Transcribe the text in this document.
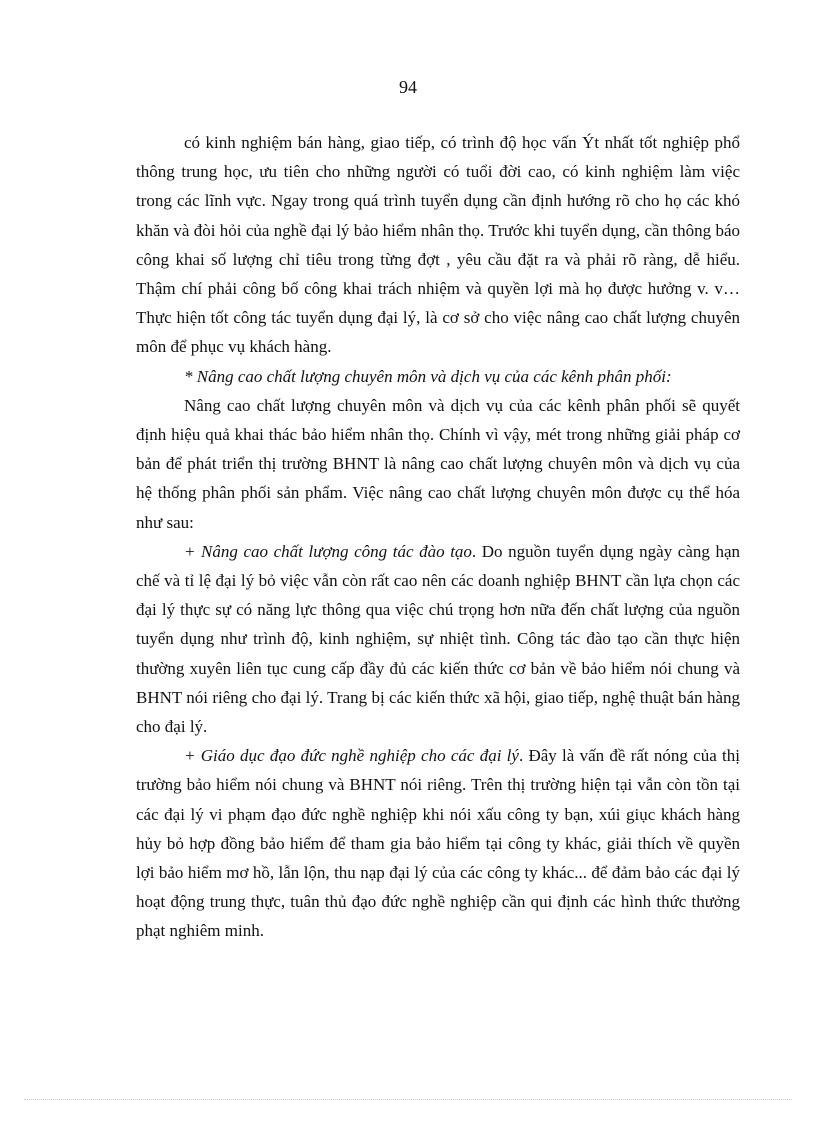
94

có kinh nghiệm bán hàng, giao tiếp, có trình độ học vấn Ýt nhất tốt nghiệp phổ thông trung học, ưu tiên cho những người có tuổi đời cao, có kinh nghiệm làm việc trong các lĩnh vực. Ngay trong quá trình tuyển dụng cần định hướng rõ cho họ các khó khăn và đòi hỏi của nghề đại lý bảo hiểm nhân thọ. Trước khi tuyển dụng, cần thông báo công khai số lượng chỉ tiêu trong từng đợt , yêu cầu đặt ra và phải rõ ràng, dễ hiểu. Thậm chí phải công bố công khai trách nhiệm và quyền lợi mà họ được hưởng v. v…Thực hiện tốt công tác tuyển dụng đại lý, là cơ sở cho việc nâng cao chất lượng chuyên môn để phục vụ khách hàng.

* Nâng cao chất lượng chuyên môn và dịch vụ của các kênh phân phối:

Nâng cao chất lượng chuyên môn và dịch vụ của các kênh phân phối sẽ quyết định hiệu quả khai thác bảo hiểm nhân thọ. Chính vì vậy, mét trong những giải pháp cơ bản để phát triển thị trường BHNT là nâng cao chất lượng chuyên môn và dịch vụ của hệ thống phân phối sản phẩm. Việc nâng cao chất lượng chuyên môn được cụ thể hóa như sau:

+ Nâng cao chất lượng công tác đào tạo. Do nguồn tuyển dụng ngày càng hạn chế và tỉ lệ đại lý bỏ việc vẫn còn rất cao nên các doanh nghiệp BHNT cần lựa chọn các đại lý thực sự có năng lực thông qua việc chú trọng hơn nữa đến chất lượng của nguồn tuyển dụng như trình độ, kinh nghiệm, sự nhiệt tình. Công tác đào tạo cần thực hiện thường xuyên liên tục cung cấp đầy đủ các kiến thức cơ bản về bảo hiểm nói chung và BHNT nói riêng cho đại lý. Trang bị các kiến thức xã hội, giao tiếp, nghệ thuật bán hàng cho đại lý.

+ Giáo dục đạo đức nghề nghiệp cho các đại lý. Đây là vấn đề rất nóng của thị trường bảo hiểm nói chung và BHNT nói riêng. Trên thị trường hiện tại vẫn còn tồn tại các đại lý vi phạm đạo đức nghề nghiệp khi nói xấu công ty bạn, xúi giục khách hàng hủy bỏ hợp đồng bảo hiểm để tham gia bảo hiểm tại công ty khác, giải thích về quyền lợi bảo hiểm mơ hồ, lẫn lộn, thu nạp đại lý của các công ty khác... để đảm bảo các đại lý hoạt động trung thực, tuân thủ đạo đức nghề nghiệp cần qui định các hình thức thưởng phạt nghiêm minh.
